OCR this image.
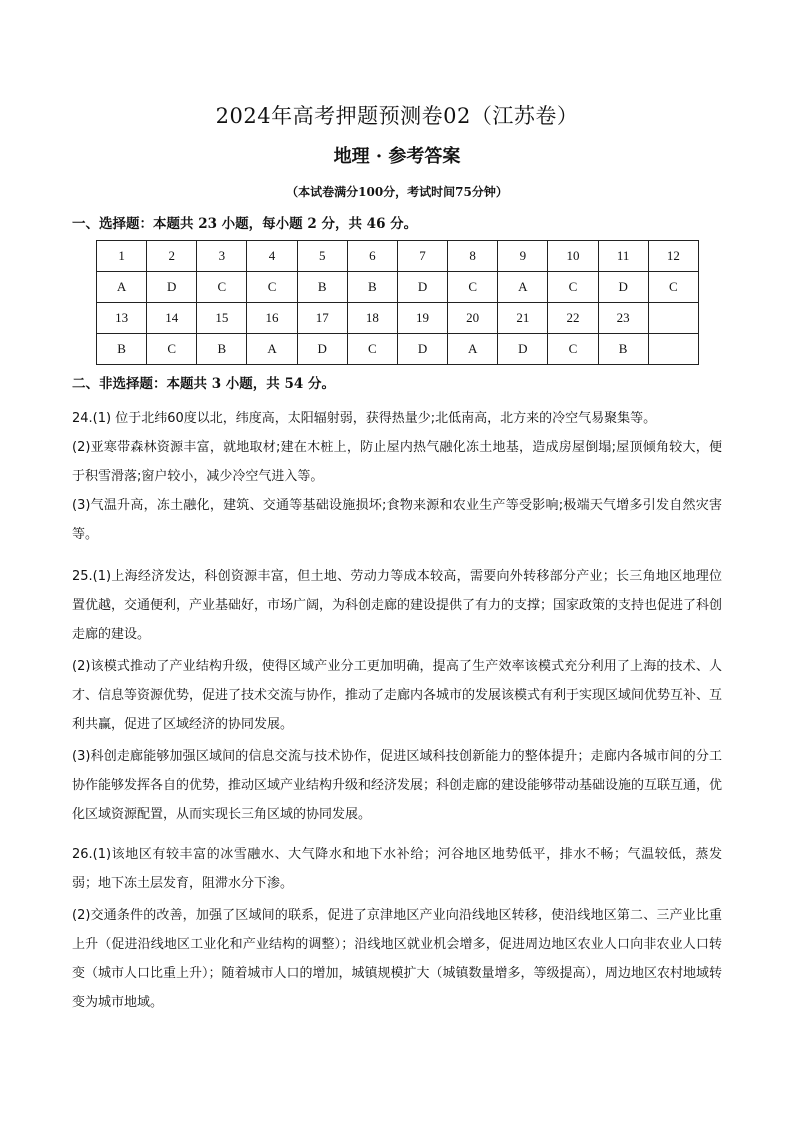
2024年高考押题预测卷02（江苏卷）
地理 · 参考答案
（本试卷满分100分，考试时间75分钟）
一、选择题：本题共 23 小题，每小题 2 分，共 46 分。
1	2	3	4	5	6	7	8	9	10	11	12
A	D	C	C	B	B	D	C	A	C	D	C
13	14	15	16	17	18	19	20	21	22	23	
B	C	B	A	D	C	D	A	D	C	B	
二、非选择题：本题共 3 小题，共 54 分。

24.(1) 位于北纬60度以北，纬度高，太阳辐射弱，获得热量少;北低南高，北方来的冷空气易聚集等。

(2)亚寒带森林资源丰富，就地取材;建在木桩上，防止屋内热气融化冻土地基，造成房屋倒塌;屋顶倾角较大，便于积雪滑落;窗户较小，减少冷空气进入等。

(3)气温升高，冻土融化，建筑、交通等基础设施损坏;食物来源和农业生产等受影响;极端天气增多引发自然灾害等。

25.(1)上海经济发达，科创资源丰富，但土地、劳动力等成本较高，需要向外转移部分产业；长三角地区地理位置优越，交通便利，产业基础好，市场广阔，为科创走廊的建设提供了有力的支撑；国家政策的支持也促进了科创走廊的建设。

(2)该模式推动了产业结构升级，使得区域产业分工更加明确，提高了生产效率该模式充分利用了上海的技术、人才、信息等资源优势，促进了技术交流与协作，推动了走廊内各城市的发展该模式有利于实现区域间优势互补、互利共赢，促进了区域经济的协同发展。

(3)科创走廊能够加强区域间的信息交流与技术协作，促进区域科技创新能力的整体提升；走廊内各城市间的分工协作能够发挥各自的优势，推动区域产业结构升级和经济发展；科创走廊的建设能够带动基础设施的互联互通，优化区域资源配置，从而实现长三角区域的协同发展。

26.(1)该地区有较丰富的冰雪融水、大气降水和地下水补给；河谷地区地势低平，排水不畅；气温较低，蒸发弱；地下冻土层发育，阻滞水分下渗。

(2)交通条件的改善，加强了区域间的联系，促进了京津地区产业向沿线地区转移，使沿线地区第二、三产业比重上升（促进沿线地区工业化和产业结构的调整）；沿线地区就业机会增多，促进周边地区农业人口向非农业人口转变（城市人口比重上升）；随着城市人口的增加，城镇规模扩大（城镇数量增多，等级提高），周边地区农村地域转变为城市地域。
